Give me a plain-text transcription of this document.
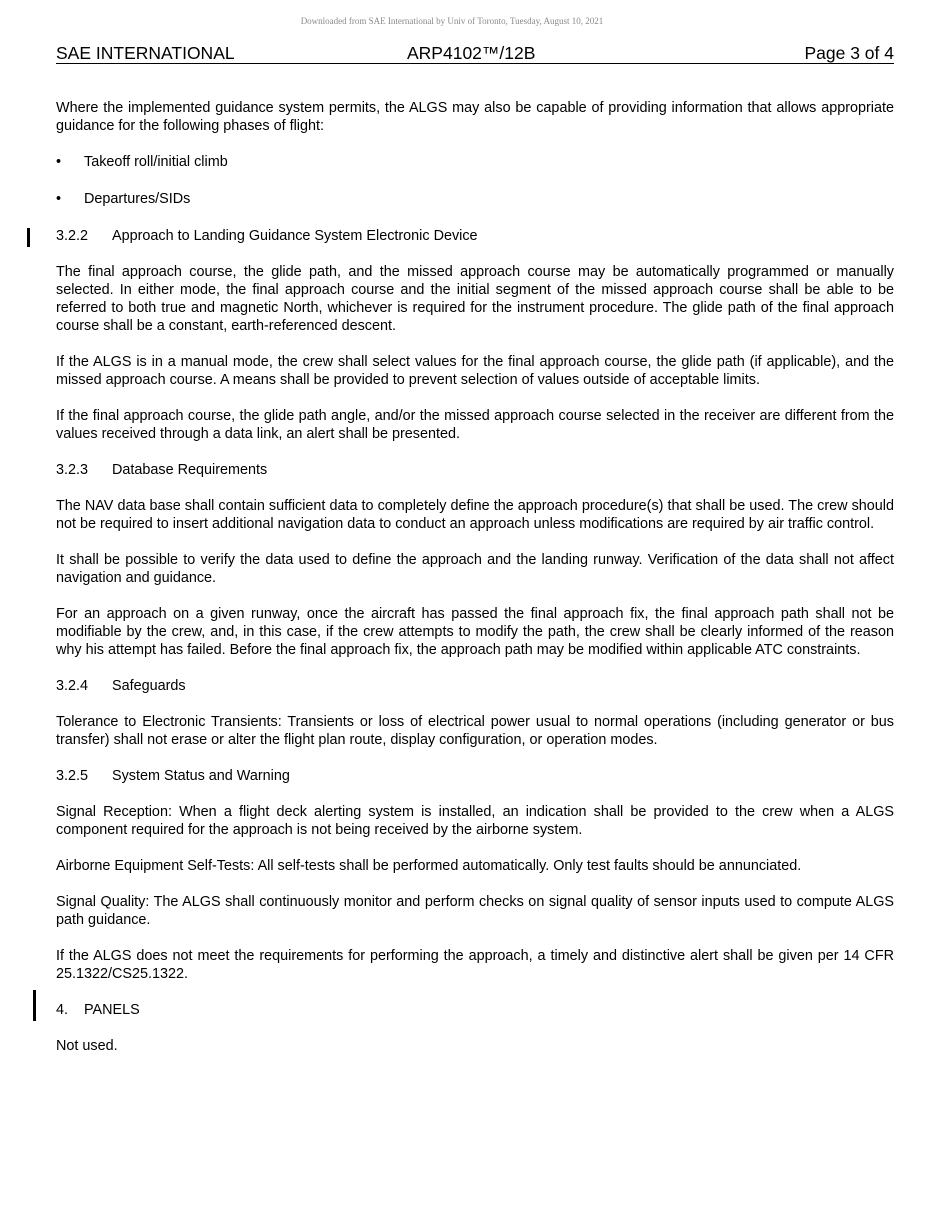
Downloaded from SAE International by Univ of Toronto, Tuesday, August 10, 2021
SAE INTERNATIONAL	ARP4102™/12B	Page 3 of 4

Where the implemented guidance system permits, the ALGS may also be capable of providing information that allows appropriate guidance for the following phases of flight:

• Takeoff roll/initial climb
• Departures/SIDs
3.2.2 Approach to Landing Guidance System Electronic Device

The final approach course, the glide path, and the missed approach course may be automatically programmed or manually selected. In either mode, the final approach course and the initial segment of the missed approach course shall be able to be referred to both true and magnetic North, whichever is required for the instrument procedure. The glide path of the final approach course shall be a constant, earth-referenced descent.

If the ALGS is in a manual mode, the crew shall select values for the final approach course, the glide path (if applicable), and the missed approach course. A means shall be provided to prevent selection of values outside of acceptable limits.

If the final approach course, the glide path angle, and/or the missed approach course selected in the receiver are different from the values received through a data link, an alert shall be presented.

3.2.3 Database Requirements

The NAV data base shall contain sufficient data to completely define the approach procedure(s) that shall be used. The crew should not be required to insert additional navigation data to conduct an approach unless modifications are required by air traffic control.

It shall be possible to verify the data used to define the approach and the landing runway. Verification of the data shall not affect navigation and guidance.

For an approach on a given runway, once the aircraft has passed the final approach fix, the final approach path shall not be modifiable by the crew, and, in this case, if the crew attempts to modify the path, the crew shall be clearly informed of the reason why his attempt has failed. Before the final approach fix, the approach path may be modified within applicable ATC constraints.

3.2.4 Safeguards

Tolerance to Electronic Transients: Transients or loss of electrical power usual to normal operations (including generator or bus transfer) shall not erase or alter the flight plan route, display configuration, or operation modes.

3.2.5 System Status and Warning

Signal Reception: When a flight deck alerting system is installed, an indication shall be provided to the crew when a ALGS component required for the approach is not being received by the airborne system.

Airborne Equipment Self-Tests: All self-tests shall be performed automatically. Only test faults should be annunciated.

Signal Quality: The ALGS shall continuously monitor and perform checks on signal quality of sensor inputs used to compute ALGS path guidance.

If the ALGS does not meet the requirements for performing the approach, a timely and distinctive alert shall be given per 14 CFR 25.1322/CS25.1322.

4. PANELS

Not used.
